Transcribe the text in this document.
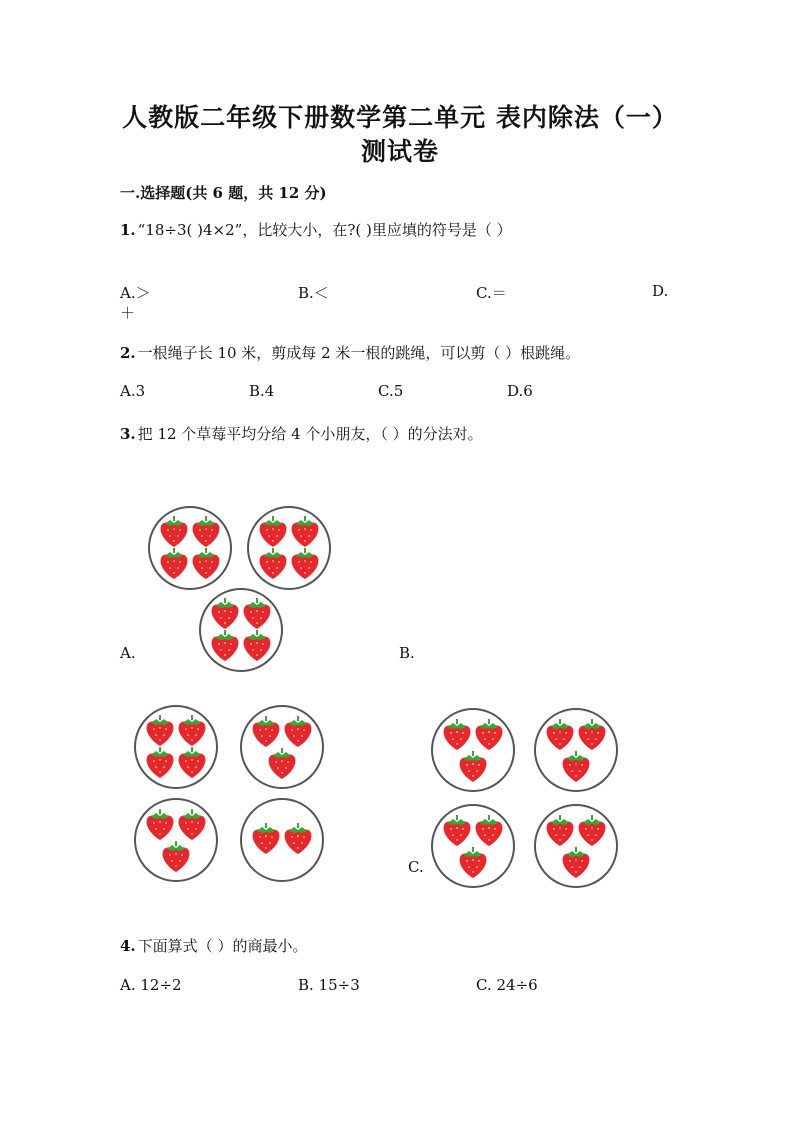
人教版二年级下册数学第二单元 表内除法（一）
测试卷
一.选择题(共 6 题，共 12 分)
1. “18÷3( )4×2”，比较大小，在?( )里应填的符号是（ ）
A.＞	B.＜	C.＝	D.
＋
2. 一根绳子长 10 米，剪成每 2 米一根的跳绳，可以剪（ ）根跳绳。
A.3	B.4	C.5	D.6
3. 把 12 个草莓平均分给 4 个小朋友，（ ）的分法对。
A.	B.
C.
4. 下面算式（ ）的商最小。
A. 12÷2	B. 15÷3	C. 24÷6
